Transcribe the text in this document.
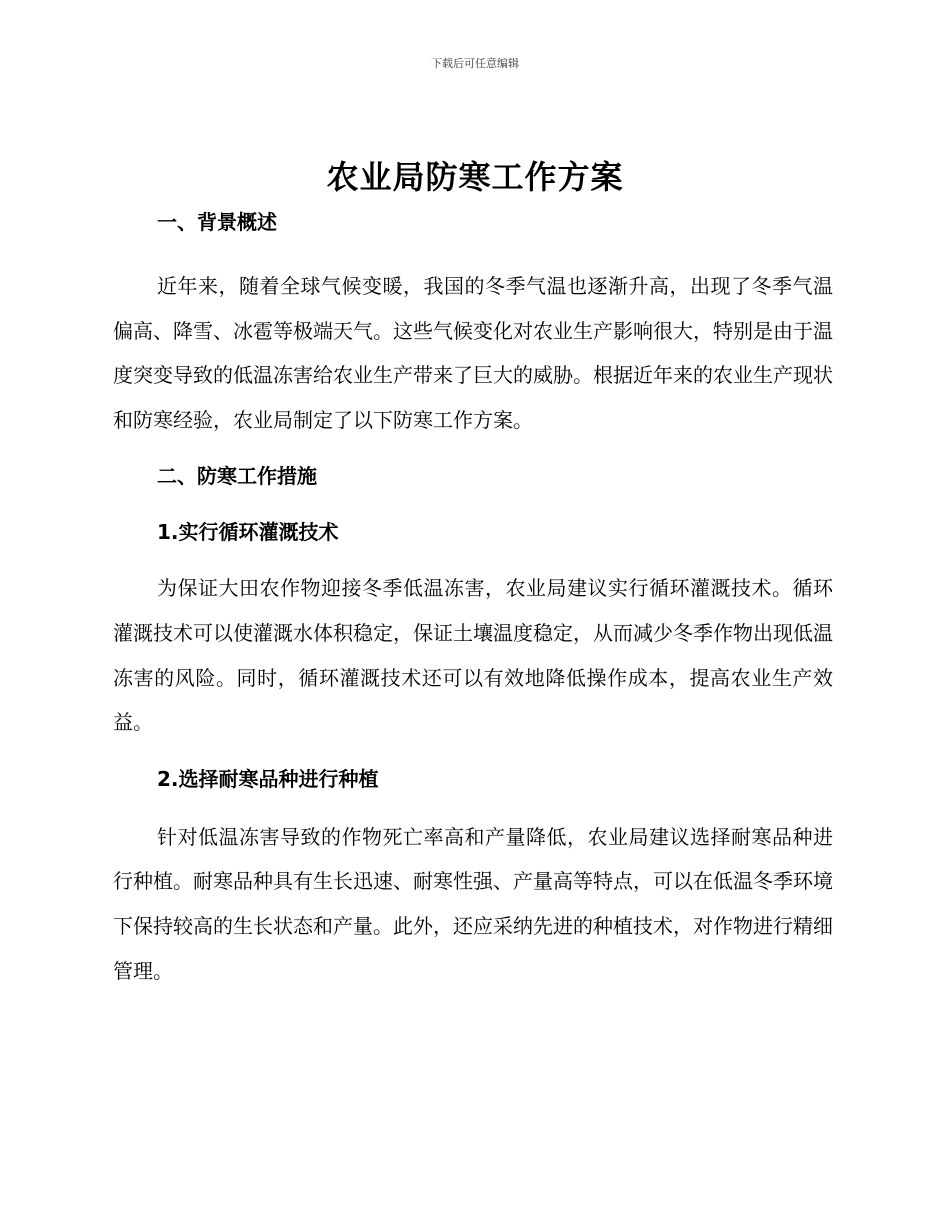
下载后可任意编辑
农业局防寒工作方案

一、背景概述

近年来，随着全球气候变暖，我国的冬季气温也逐渐升高，出现了冬季气温偏高、降雪、冰雹等极端天气。这些气候变化对农业生产影响很大，特别是由于温度突变导致的低温冻害给农业生产带来了巨大的威胁。根据近年来的农业生产现状和防寒经验，农业局制定了以下防寒工作方案。

二、防寒工作措施

1.实行循环灌溉技术

为保证大田农作物迎接冬季低温冻害，农业局建议实行循环灌溉技术。循环灌溉技术可以使灌溉水体积稳定，保证土壤温度稳定，从而减少冬季作物出现低温冻害的风险。同时，循环灌溉技术还可以有效地降低操作成本，提高农业生产效益。

2.选择耐寒品种进行种植

针对低温冻害导致的作物死亡率高和产量降低，农业局建议选择耐寒品种进行种植。耐寒品种具有生长迅速、耐寒性强、产量高等特点，可以在低温冬季环境下保持较高的生长状态和产量。此外，还应采纳先进的种植技术，对作物进行精细管理。
